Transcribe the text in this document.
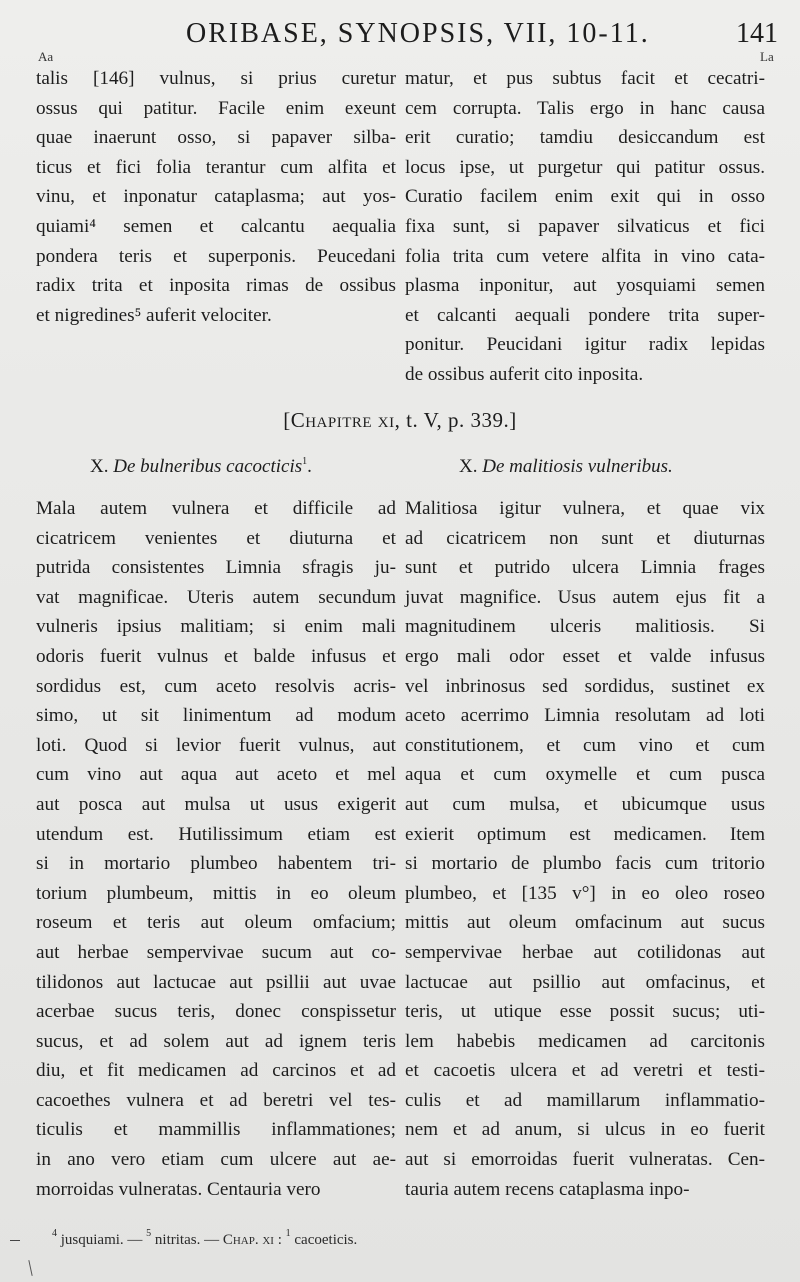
ORIBASE, SYNOPSIS, VII, 10-11.	141
Aa	La
talis [146] vulnus, si prius curetur
ossus qui patitur. Facile enim exeunt
quae inaerunt osso, si papaver silba-
ticus et fici folia terantur cum alfita et
vinu, et inponatur cataplasma; aut yos-
quiami⁴ semen et calcantu aequalia
pondera teris et superponis. Peucedani
radix trita et inposita rimas de ossibus
et nigredines⁵ auferit velociter.
matur, et pus subtus facit et cecatri-
cem corrupta. Talis ergo in hanc causa
erit curatio; tamdiu desiccandum est
locus ipse, ut purgetur qui patitur ossus.
Curatio facilem enim exit qui in osso
fixa sunt, si papaver silvaticus et fici
folia trita cum vetere alfita in vino cata-
plasma inponitur, aut yosquiami semen
et calcanti aequali pondere trita super-
ponitur. Peucidani igitur radix lepidas
de ossibus auferit cito inposita.
[Chapitre xi, t. V, p. 339.]
X. De bulneribus cacocticis$^1$.	X. De malitiosis vulneribus.
Mala autem vulnera et difficile ad
cicatricem venientes et diuturna et
putrida consistentes Limnia sfragis ju-
vat magnificae. Uteris autem secundum
vulneris ipsius malitiam; si enim mali
odoris fuerit vulnus et balde infusus et
sordidus est, cum aceto resolvis acris-
simo, ut sit linimentum ad modum
loti. Quod si levior fuerit vulnus, aut
cum vino aut aqua aut aceto et mel
aut posca aut mulsa ut usus exigerit
utendum est. Hutilissimum etiam est
si in mortario plumbeo habentem tri-
torium plumbeum, mittis in eo oleum
roseum et teris aut oleum omfacium;
aut herbae sempervivae sucum aut co-
tilidonos aut lactucae aut psillii aut uvae
acerbae sucus teris, donec conspissetur
sucus, et ad solem aut ad ignem teris
diu, et fit medicamen ad carcinos et ad
cacoethes vulnera et ad beretri vel tes-
ticulis et mammillis inflammationes;
in ano vero etiam cum ulcere aut ae-
morroidas vulneratas. Centauria vero
Malitiosa igitur vulnera, et quae vix
ad cicatricem non sunt et diuturnas
sunt et putrido ulcera Limnia frages
juvat magnifice. Usus autem ejus fit a
magnitudinem ulceris malitiosis. Si
ergo mali odor esset et valde infusus
vel inbrinosus sed sordidus, sustinet ex
aceto acerrimo Limnia resolutam ad loti
constitutionem, et cum vino et cum
aqua et cum oxymelle et cum pusca
aut cum mulsa, et ubicumque usus
exierit optimum est medicamen. Item
si mortario de plumbo facis cum tritorio
plumbeo, et [135 v°] in eo oleo roseo
mittis aut oleum omfacinum aut sucus
sempervivae herbae aut cotilidonas aut
lactucae aut psillio aut omfacinus, et
teris, ut utique esse possit sucus; uti-
lem habebis medicamen ad carcitonis
et cacoetis ulcera et ad veretri et testi-
culis et ad mamillarum inflammatio-
nem et ad anum, si ulcus in eo fuerit
aut si emorroidas fuerit vulneratas. Cen-
tauria autem recens cataplasma inpo-
$^4$ jusquiami. — $^5$ nitritas. — Chap. xi : $^1$ cacoeticis.
